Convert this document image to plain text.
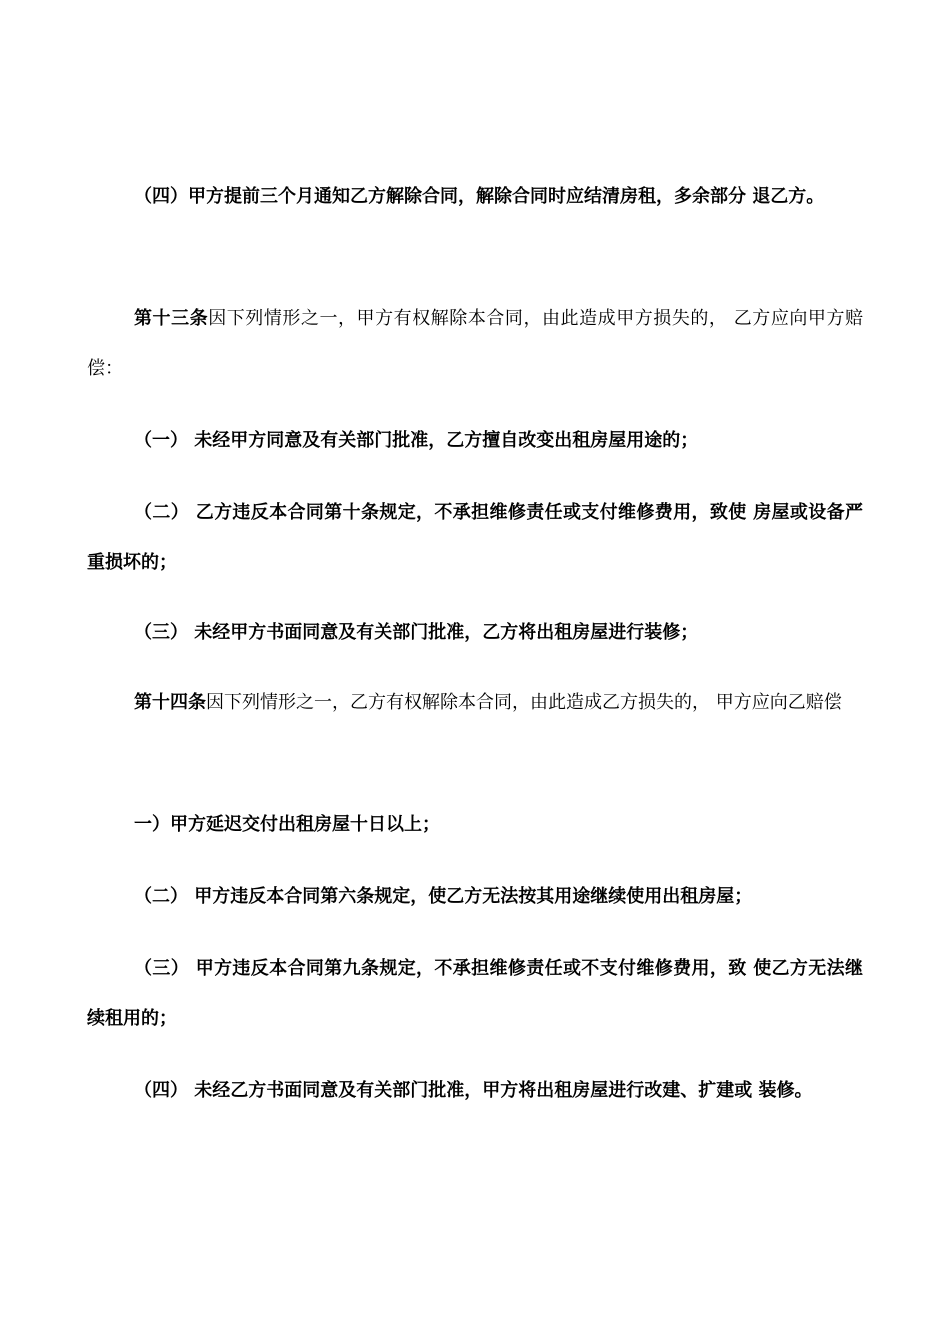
（四）甲方提前三个月通知乙方解除合同，解除合同时应结清房租，多余部分 退乙方。

第十三条因下列情形之一，甲方有权解除本合同，由此造成甲方损失的， 乙方应向甲方赔偿：

（一） 未经甲方同意及有关部门批准，乙方擅自改变出租房屋用途的；

（二） 乙方违反本合同第十条规定，不承担维修责任或支付维修费用，致使 房屋或设备严重损坏的；

（三） 未经甲方书面同意及有关部门批准，乙方将出租房屋进行装修；

第十四条因下列情形之一，乙方有权解除本合同，由此造成乙方损失的， 甲方应向乙赔偿

一）甲方延迟交付出租房屋十日以上；

（二） 甲方违反本合同第六条规定，使乙方无法按其用途继续使用出租房屋；

（三） 甲方违反本合同第九条规定，不承担维修责任或不支付维修费用，致 使乙方无法继续租用的；

（四） 未经乙方书面同意及有关部门批准，甲方将出租房屋进行改建、扩建或 装修。
